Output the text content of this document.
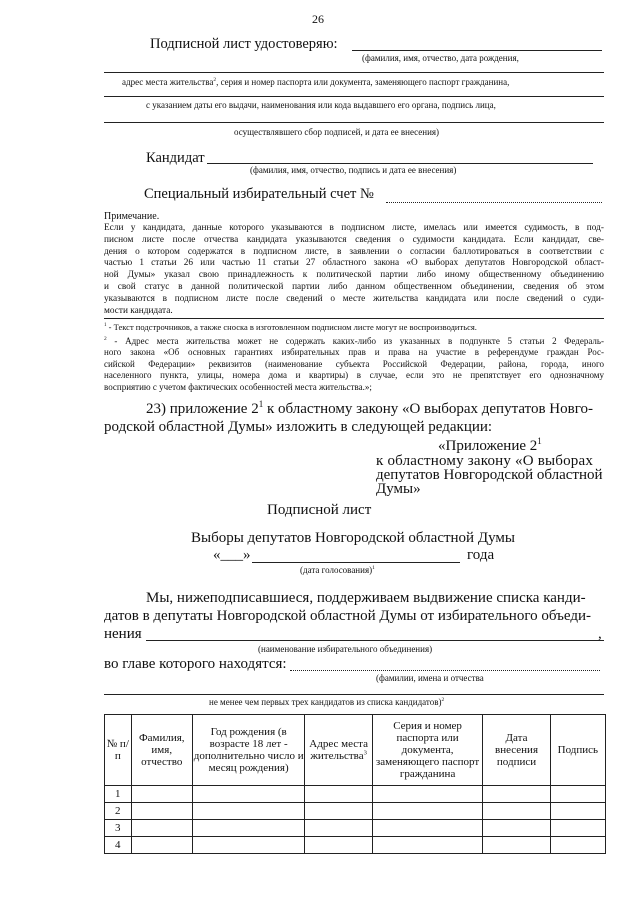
26
Подписной лист удостоверяю:
(фамилия, имя, отчество, дата рождения,
адрес места жительства$^2$, серия и номер паспорта или документа, заменяющего паспорт гражданина,
с указанием даты его выдачи, наименования или кода выдавшего его органа, подпись лица,
осуществлявшего сбор подписей, и дата ее внесения)
Кандидат
(фамилия, имя, отчество, подпись и дата ее внесения)
Специальный избирательный счет №
Примечание.
Если у кандидата, данные которого указываются в подписном листе, имелась или имеется судимость, в под-
писном листе после отчества кандидата указываются сведения о судимости кандидата. Если кандидат, све-
дения о котором содержатся в подписном листе, в заявлении о согласии баллотироваться в соответствии с
частью 1 статьи 26 или частью 11 статьи 27 областного закона «О выборах депутатов Новгородской област-
ной Думы» указал свою принадлежность к политической партии либо иному общественному объединению
и свой статус в данной политической партии либо данном общественном объединении, сведения об этом
указываются в подписном листе после сведений о месте жительства кандидата или после сведений о суди-
мости кандидата.
$^1$ - Текст подстрочников, а также сноска в изготовленном подписном листе могут не воспроизводиться.
$^2$ - Адрес места жительства может не содержать каких-либо из указанных в подпункте 5 статьи 2 Федераль-
ного закона «Об основных гарантиях избирательных прав и права на участие в референдуме граждан Рос-
сийской Федерации» реквизитов (наименование субъекта Российской Федерации, района, города, иного
населенного пункта, улицы, номера дома и квартиры) в случае, если это не препятствует его однозначному
восприятию с учетом фактических особенностей места жительства.»;
23) приложение $2^1$ к областному закону «О выборах депутатов Новго-
родской областной Думы» изложить в следующей редакции:
«Приложение $2^1$
к областному закону «О выборах
депутатов Новгородской областной
Думы»
Подписной лист
Выборы депутатов Новгородской областной Думы
«___»	года
(дата голосования)$^1$
Мы, нижеподписавшиеся, поддерживаем выдвижение списка канди-
датов в депутаты Новгородской областной Думы от избирательного объеди-
нения	,
(наименование избирательного объединения)
во главе которого находятся:
(фамилии, имена и отчества
не менее чем первых трех кандидатов из списка кандидатов)$^2$
№ п/п	Фамилия, имя, отчество	Год рождения (в возрасте 18 лет - дополнительно число и месяц рождения)	Адрес места жительства$^3$	Серия и номер паспорта или документа, заменяющего паспорт гражданина	Дата внесения подписи	Подпись
1						
2						
3						
4						
